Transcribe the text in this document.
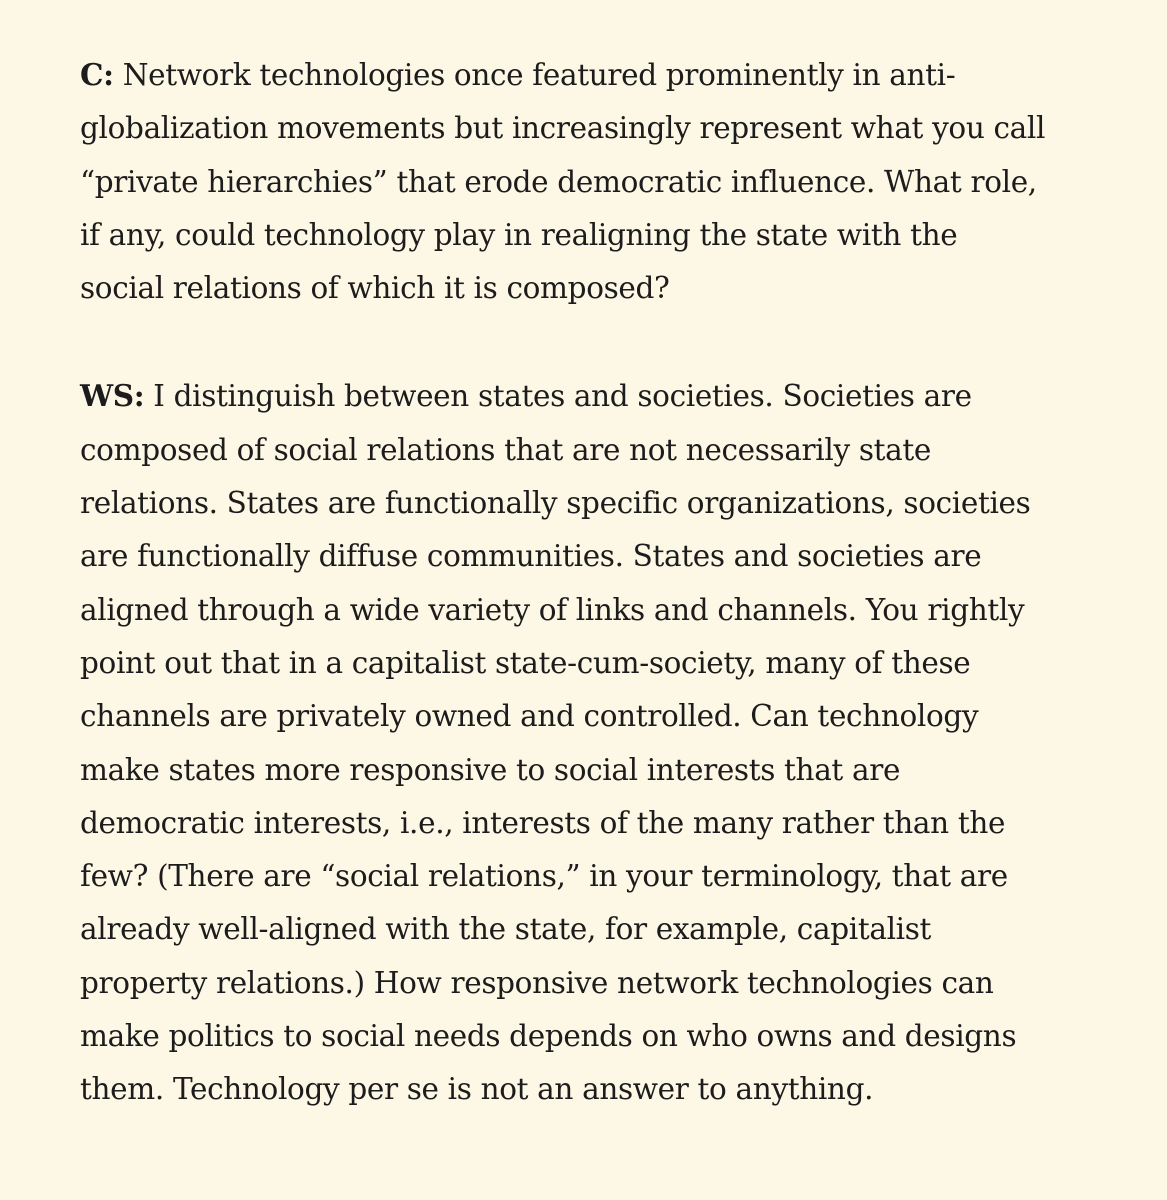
C: Network technologies once featured prominently in anti-
globalization movements but increasingly represent what you call
“private hierarchies” that erode democratic influence. What role,
if any, could technology play in realigning the state with the
social relations of which it is composed?

WS: I distinguish between states and societies. Societies are
composed of social relations that are not necessarily state
relations. States are functionally specific organizations, societies
are functionally diffuse communities. States and societies are
aligned through a wide variety of links and channels. You rightly
point out that in a capitalist state-cum-society, many of these
channels are privately owned and controlled. Can technology
make states more responsive to social interests that are
democratic interests, i.e., interests of the many rather than the
few? (There are “social relations,” in your terminology, that are
already well-aligned with the state, for example, capitalist
property relations.) How responsive network technologies can
make politics to social needs depends on who owns and designs
them. Technology per se is not an answer to anything.
